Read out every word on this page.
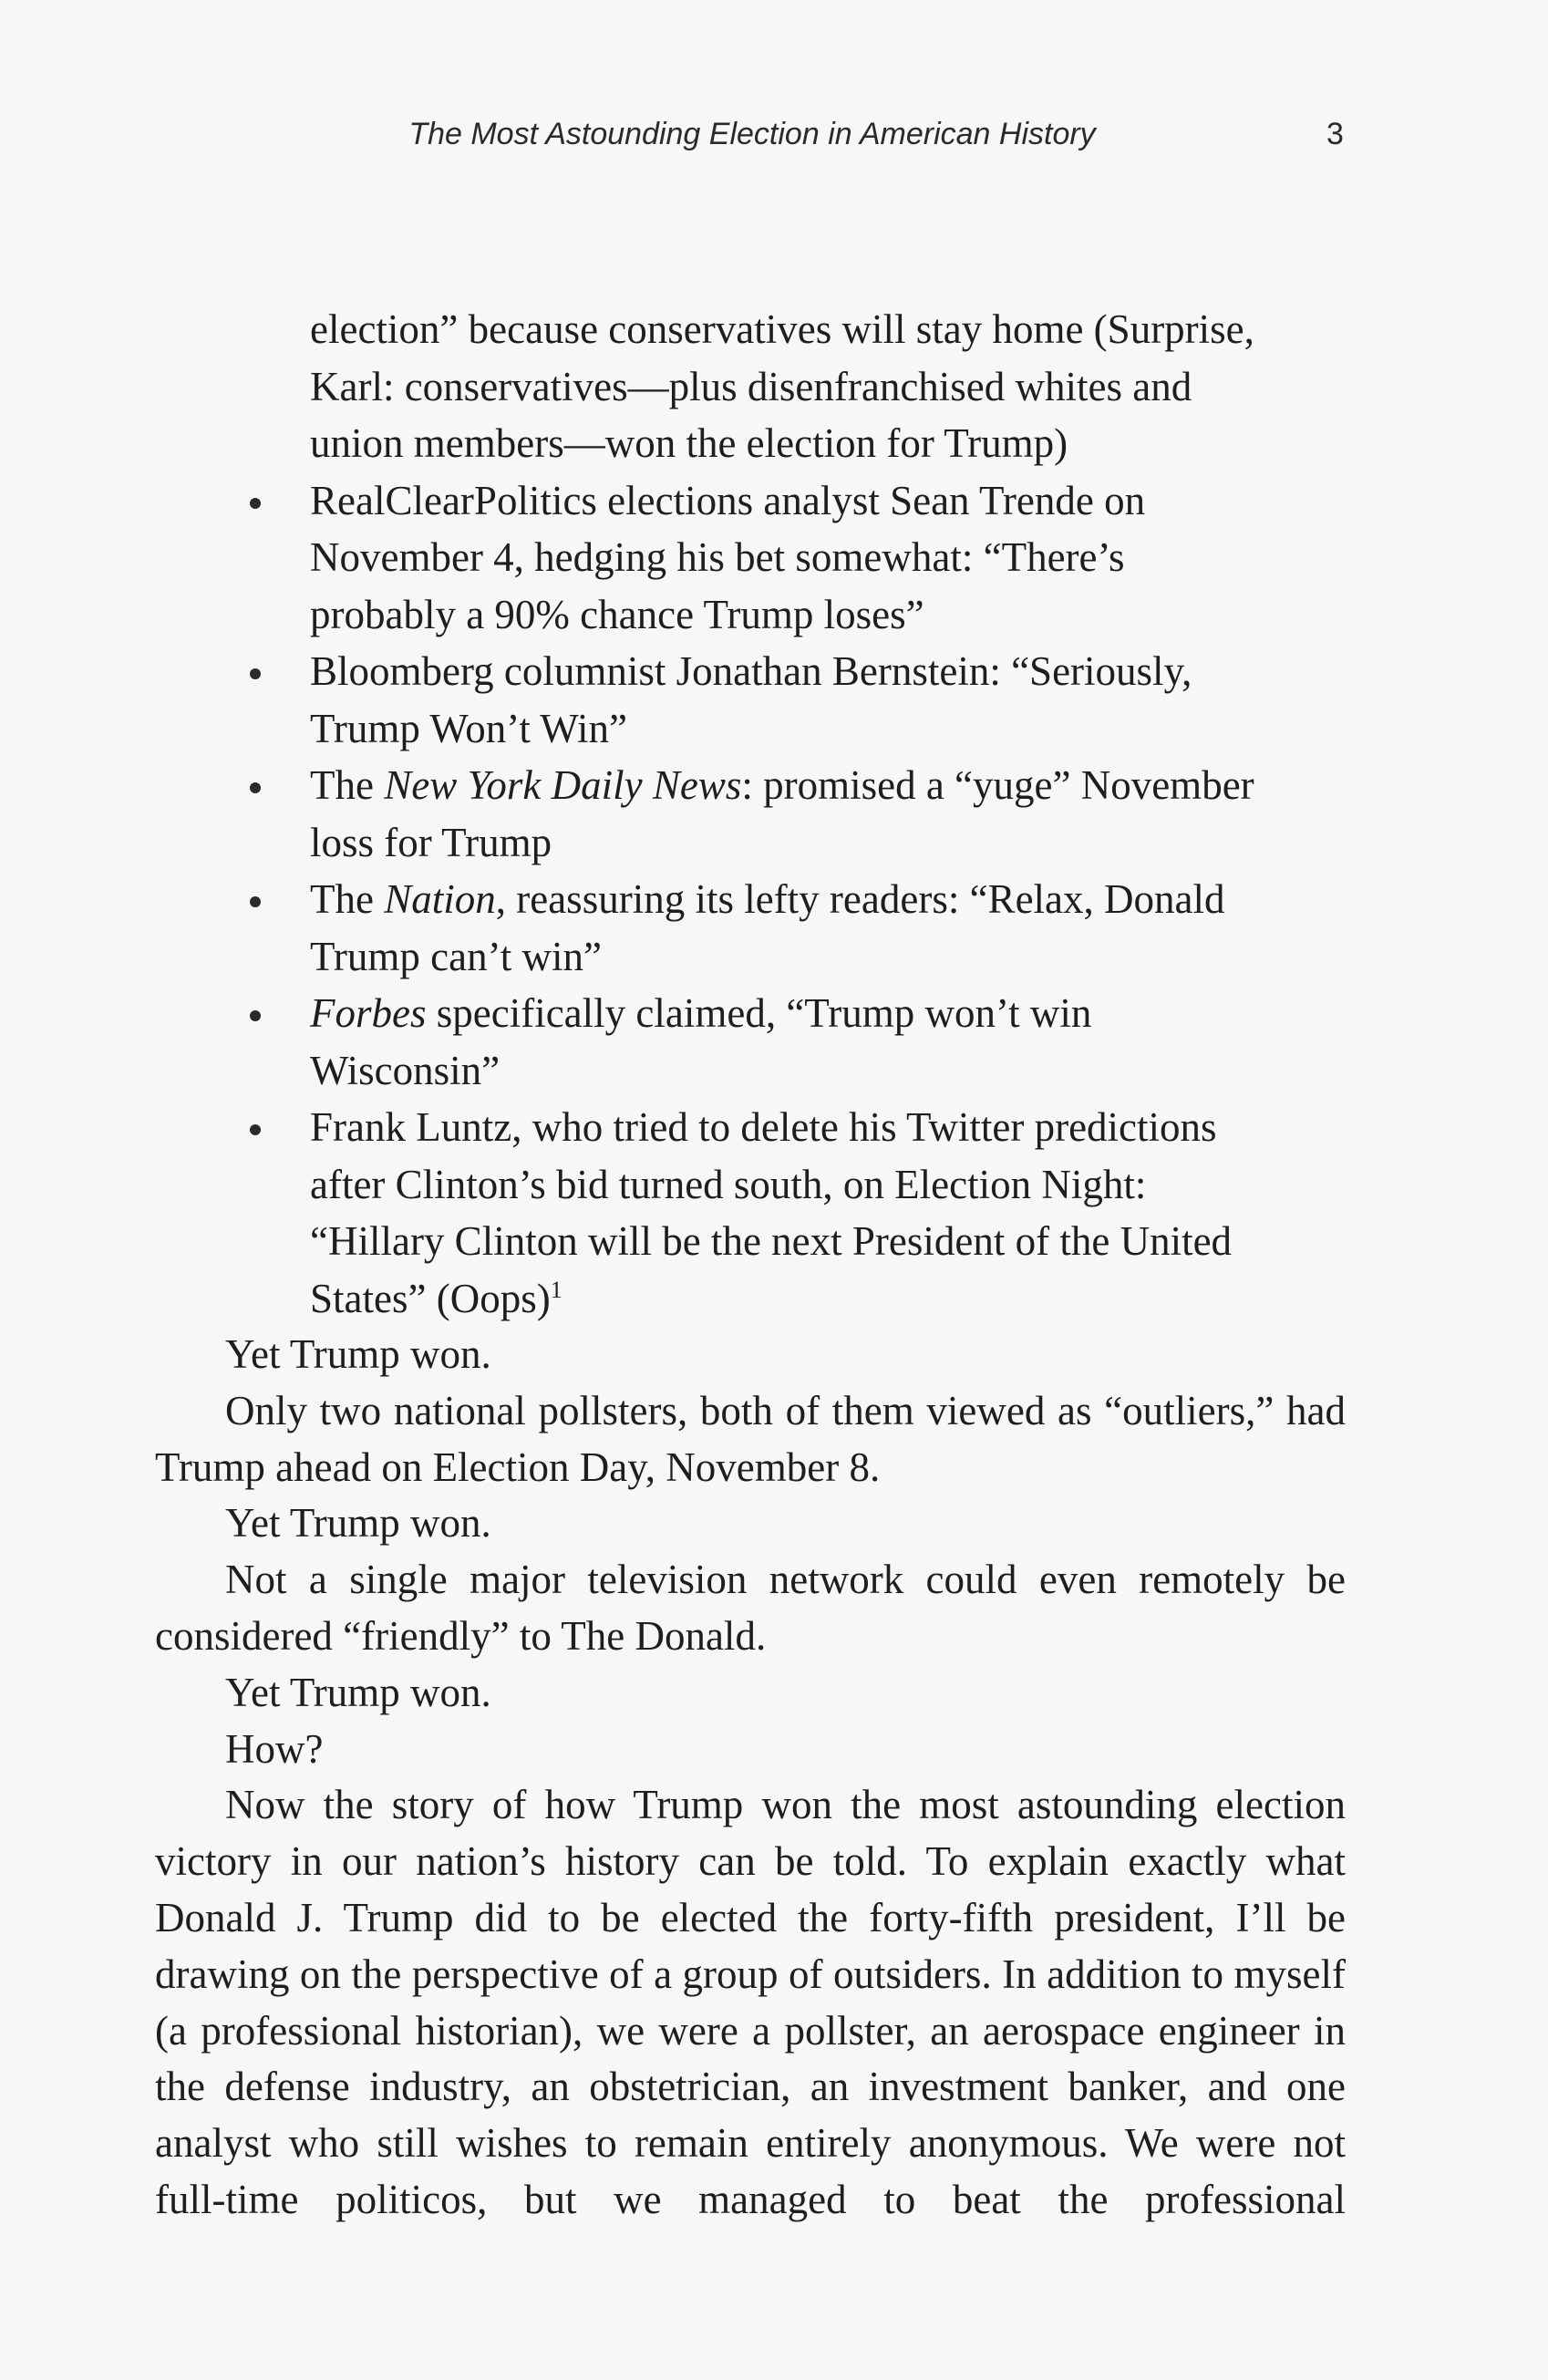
The Most Astounding Election in American History	3
election” because conservatives will stay home (Surprise, Karl: conservatives—plus disenfranchised whites and union members—won the election for Trump)
RealClearPolitics elections analyst Sean Trende on November 4, hedging his bet somewhat: “There’s probably a 90% chance Trump loses”
Bloomberg columnist Jonathan Bernstein: “Seriously, Trump Won’t Win”
The New York Daily News: promised a “yuge” November loss for Trump
The Nation, reassuring its lefty readers: “Relax, Donald Trump can’t win”
Forbes specifically claimed, “Trump won’t win Wisconsin”
Frank Luntz, who tried to delete his Twitter predictions after Clinton’s bid turned south, on Election Night: “Hillary Clinton will be the next President of the United States” (Oops)$^1$

Yet Trump won.

Only two national pollsters, both of them viewed as “outliers,” had Trump ahead on Election Day, November 8.

Yet Trump won.

Not a single major television network could even remotely be considered “friendly” to The Donald.

Yet Trump won.

How?

Now the story of how Trump won the most astounding election victory in our nation’s history can be told. To explain exactly what Donald J. Trump did to be elected the forty-fifth president, I’ll be drawing on the perspective of a group of outsiders. In addition to myself (a professional historian), we were a pollster, an aerospace engineer in the defense industry, an obstetrician, an investment banker, and one analyst who still wishes to remain entirely anonymous. We were not full-time politicos, but we managed to beat the professional
